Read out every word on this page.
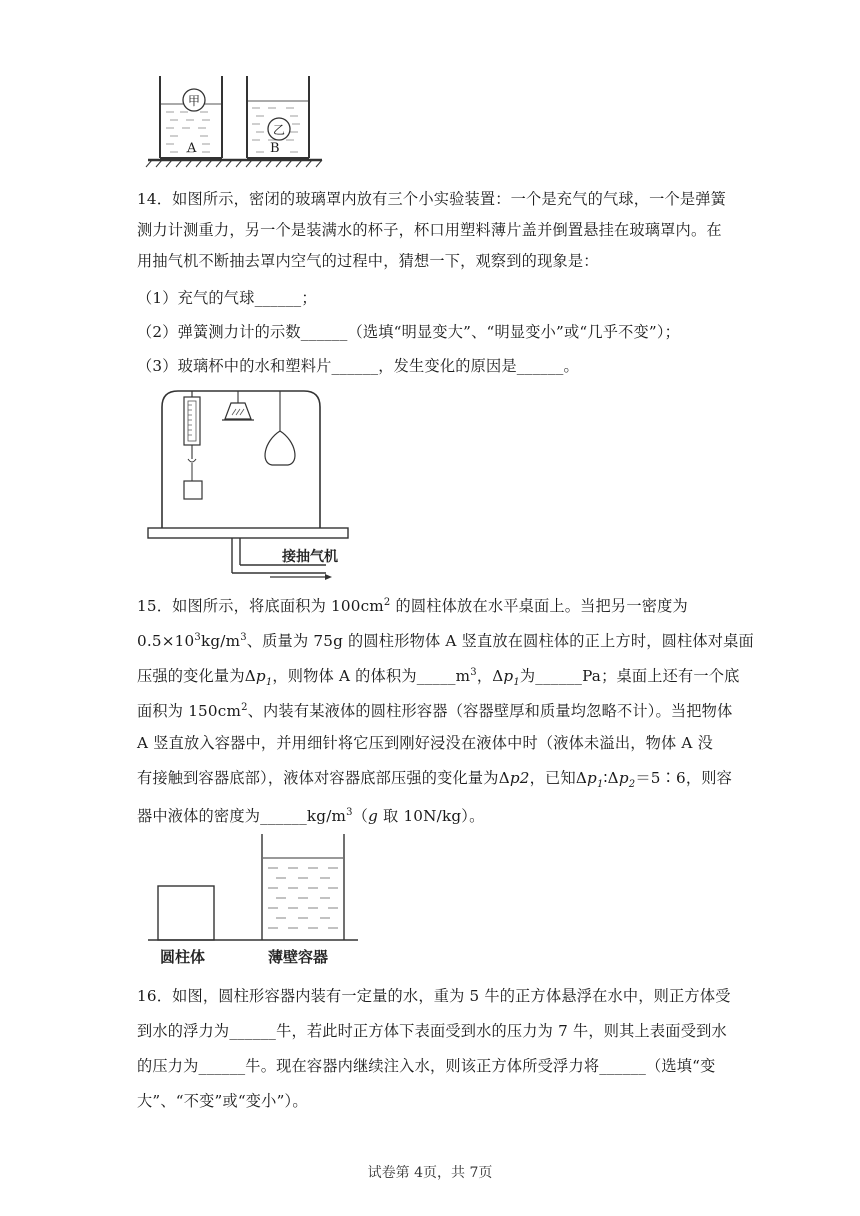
甲
乙
A	B
14．如图所示，密闭的玻璃罩内放有三个小实验装置：一个是充气的气球，一个是弹簧
测力计测重力，另一个是装满水的杯子，杯口用塑料薄片盖并倒置悬挂在玻璃罩内。在
用抽气机不断抽去罩内空气的过程中，猜想一下，观察到的现象是：
（1）充气的气球______；
（2）弹簧测力计的示数______（选填“明显变大”、“明显变小”或“几乎不变”）；
（3）玻璃杯中的水和塑料片______，发生变化的原因是______。
接抽气机
15．如图所示，将底面积为 $100cm^2$ 的圆柱体放在水平桌面上。当把另一密度为
$0.5\times 10^3kg/m^3$、质量为 75g 的圆柱形物体 A 竖直放在圆柱体的正上方时，圆柱体对桌面
压强的变化量为$\Delta p_1$，则物体 A 的体积为$\_\_\_\_\_m^3$，$\Delta p_1$为______Pa；桌面上还有一个底
面积为 $150cm^2$、内装有某液体的圆柱形容器（容器壁厚和质量均忽略不计）。当把物体
A 竖直放入容器中，并用细针将它压到刚好浸没在液体中时（液体未溢出，物体 A 没
有接触到容器底部），液体对容器底部压强的变化量为Δp2，已知$\Delta p_1∶\Delta p_2=5∶6$，则容
器中液体的密度为$\_\_\_\_\_\_kg/m^3(g$ 取 10N/kg）。
圆柱体	薄壁容器
16．如图，圆柱形容器内装有一定量的水，重为 5 牛的正方体悬浮在水中，则正方体受
到水的浮力为______牛，若此时正方体下表面受到水的压力为 7 牛，则其上表面受到水
的压力为______牛。现在容器内继续注入水，则该正方体所受浮力将______（选填“变
大”、“不变”或“变小”）。
试卷第 4页，共 7页
